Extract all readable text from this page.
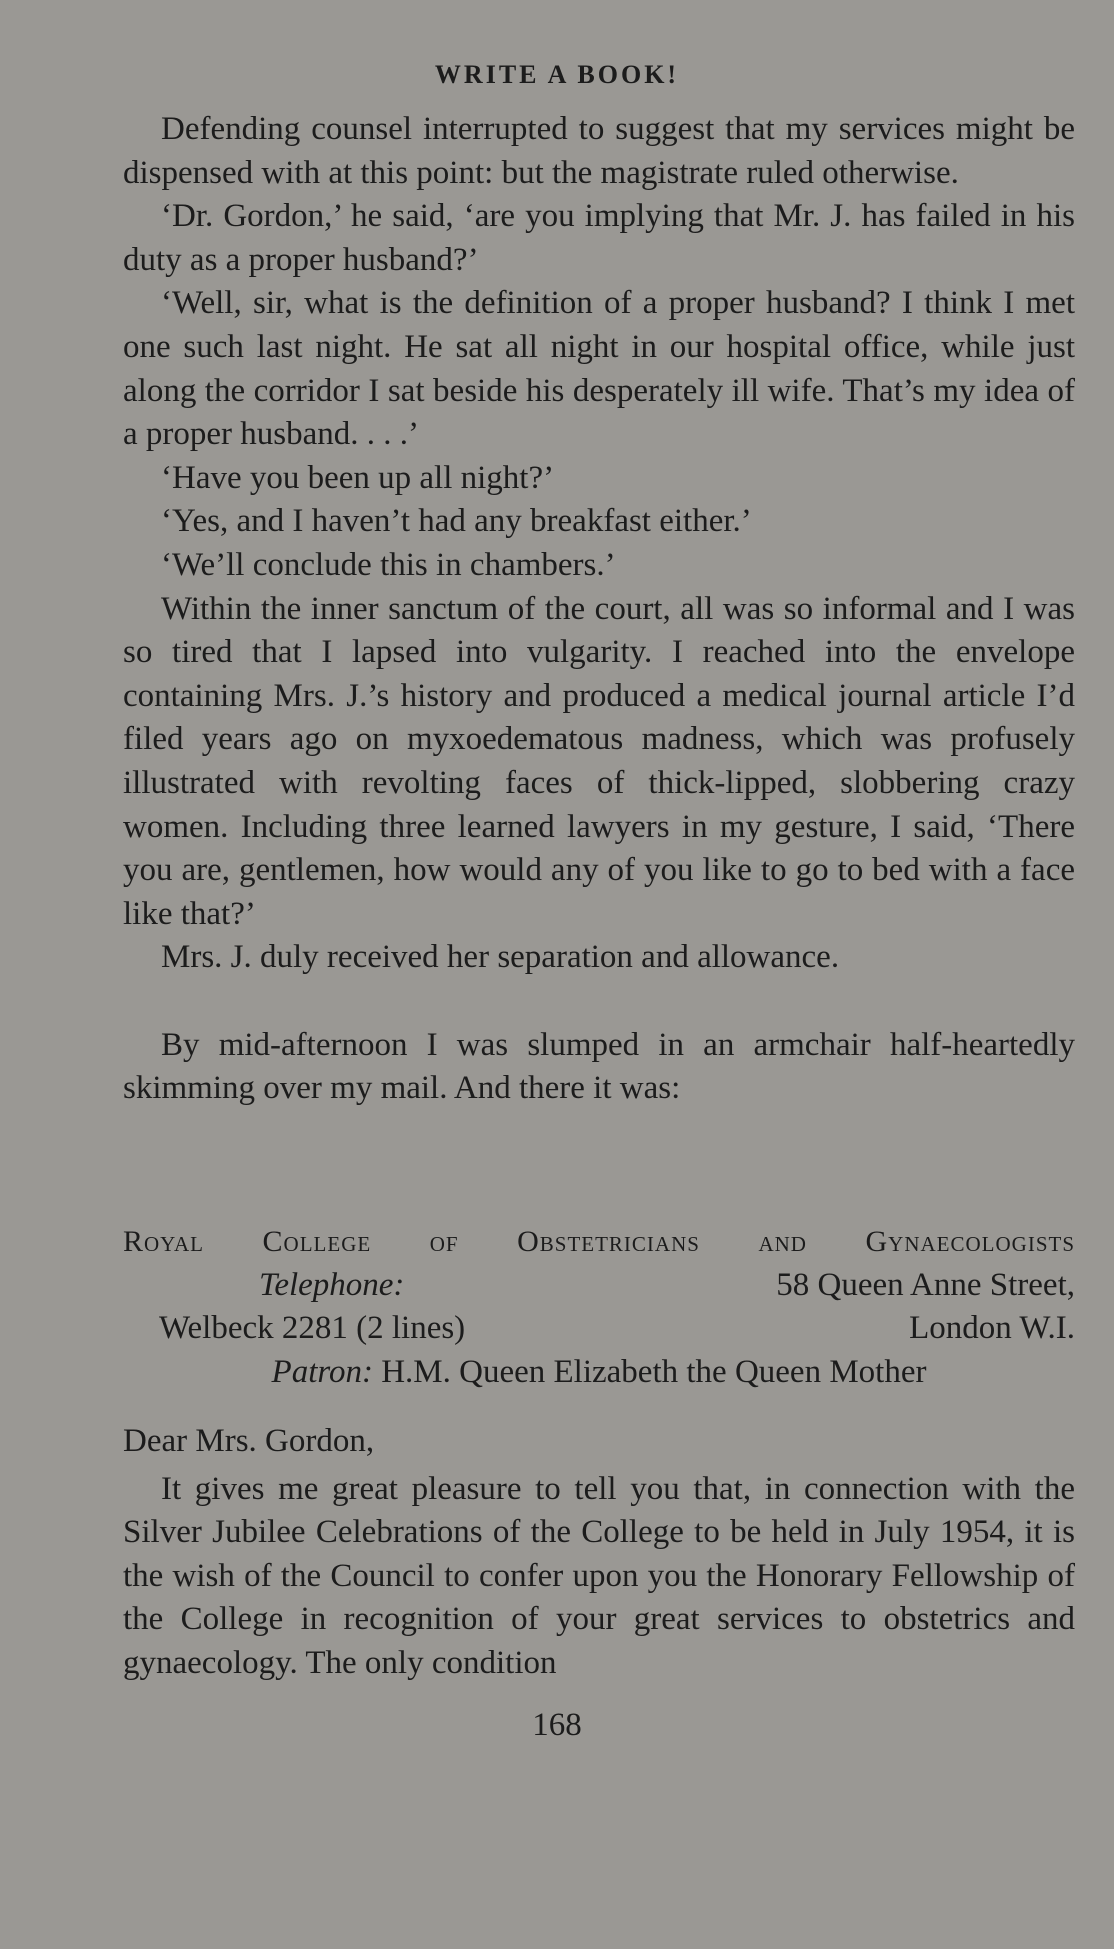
WRITE A BOOK!

Defending counsel interrupted to suggest that my services might be dispensed with at this point: but the magistrate ruled otherwise.

‘Dr. Gordon,’ he said, ‘are you implying that Mr. J. has failed in his duty as a proper husband?’

‘Well, sir, what is the definition of a proper husband? I think I met one such last night. He sat all night in our hospital office, while just along the corridor I sat beside his desperately ill wife. That’s my idea of a proper husband. . . .’

‘Have you been up all night?’

‘Yes, and I haven’t had any breakfast either.’

‘We’ll conclude this in chambers.’

Within the inner sanctum of the court, all was so informal and I was so tired that I lapsed into vulgarity. I reached into the envelope containing Mrs. J.’s history and produced a medical journal article I’d filed years ago on myxoedematous madness, which was profusely illustrated with revolting faces of thick-lipped, slobbering crazy women. Including three learned lawyers in my gesture, I said, ‘There you are, gentlemen, how would any of you like to go to bed with a face like that?’

Mrs. J. duly received her separation and allowance.

By mid-afternoon I was slumped in an armchair half-heartedly skimming over my mail. And there it was:

Royal College of Obstetricians and Gynaecologists
Telephone:
Welbeck 2281 (2 lines)
58 Queen Anne Street,
London W.I.
Patron: H.M. Queen Elizabeth the Queen Mother

Dear Mrs. Gordon,

It gives me great pleasure to tell you that, in connection with the Silver Jubilee Celebrations of the College to be held in July 1954, it is the wish of the Council to confer upon you the Honorary Fellowship of the College in recognition of your great services to obstetrics and gynaecology. The only condition

168
